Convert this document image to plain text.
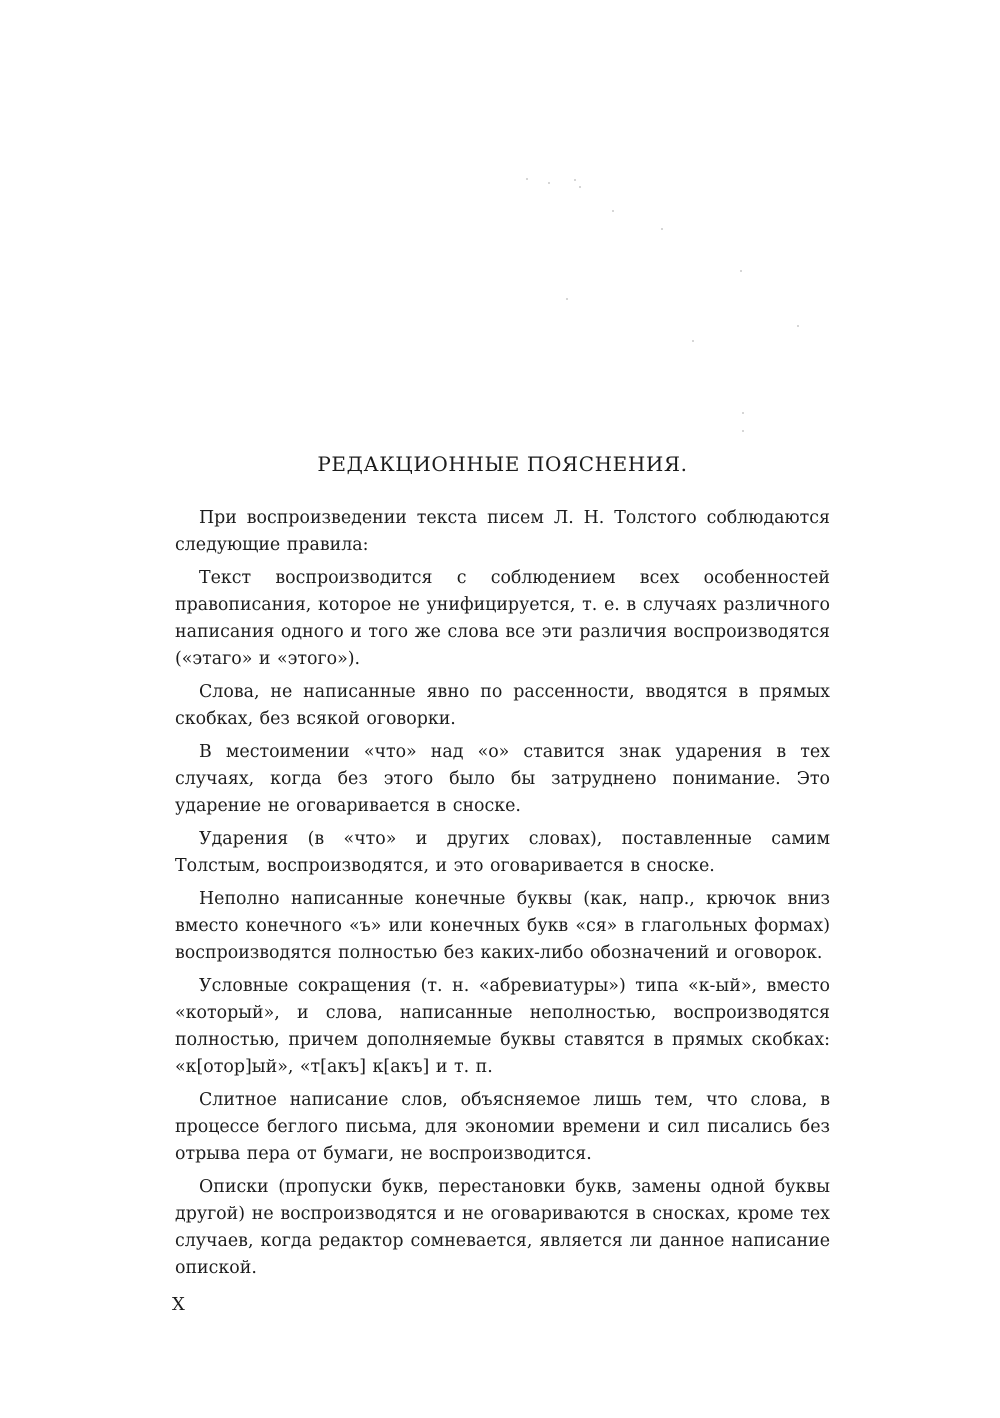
РЕДАКЦИОННЫЕ ПОЯСНЕНИЯ.

При воспроизведении текста писем Л. Н. Толстого соблюдаются следующие правила:

Текст воспроизводится с соблюдением всех особенностей правописания, которое не унифицируется, т. е. в случаях различного написания одного и того же слова все эти различия воспроизводятся («этаго» и «этого»).

Слова, не написанные явно по рассенности, вводятся в прямых скобках, без всякой оговорки.

В местоимении «что» над «о» ставится знак ударения в тех случаях, когда без этого было бы затруднено понимание. Это ударение не оговаривается в сноске.

Ударения (в «что» и других словах), поставленные самим Толстым, воспроизводятся, и это оговаривается в сноске.

Неполно написанные конечные буквы (как, напр., крючок вниз вместо конечного «ъ» или конечных букв «ся» в глагольных формах) воспроизводятся полностью без каких-либо обозначений и оговорок.

Условные сокращения (т. н. «абревиатуры») типа «к-ый», вместо «который», и слова, написанные неполностью, воспроизводятся полностью, причем дополняемые буквы ставятся в прямых скобках: «к[отор]ый», «т[акъ] к[акъ] и т. п.

Слитное написание слов, объясняемое лишь тем, что слова, в процессе беглого письма, для экономии времени и сил писались без отрыва пера от бумаги, не воспроизводится.

Описки (пропуски букв, перестановки букв, замены одной буквы другой) не воспроизводятся и не оговариваются в сносках, кроме тех случаев, когда редактор сомневается, является ли данное написание опиской.

X
